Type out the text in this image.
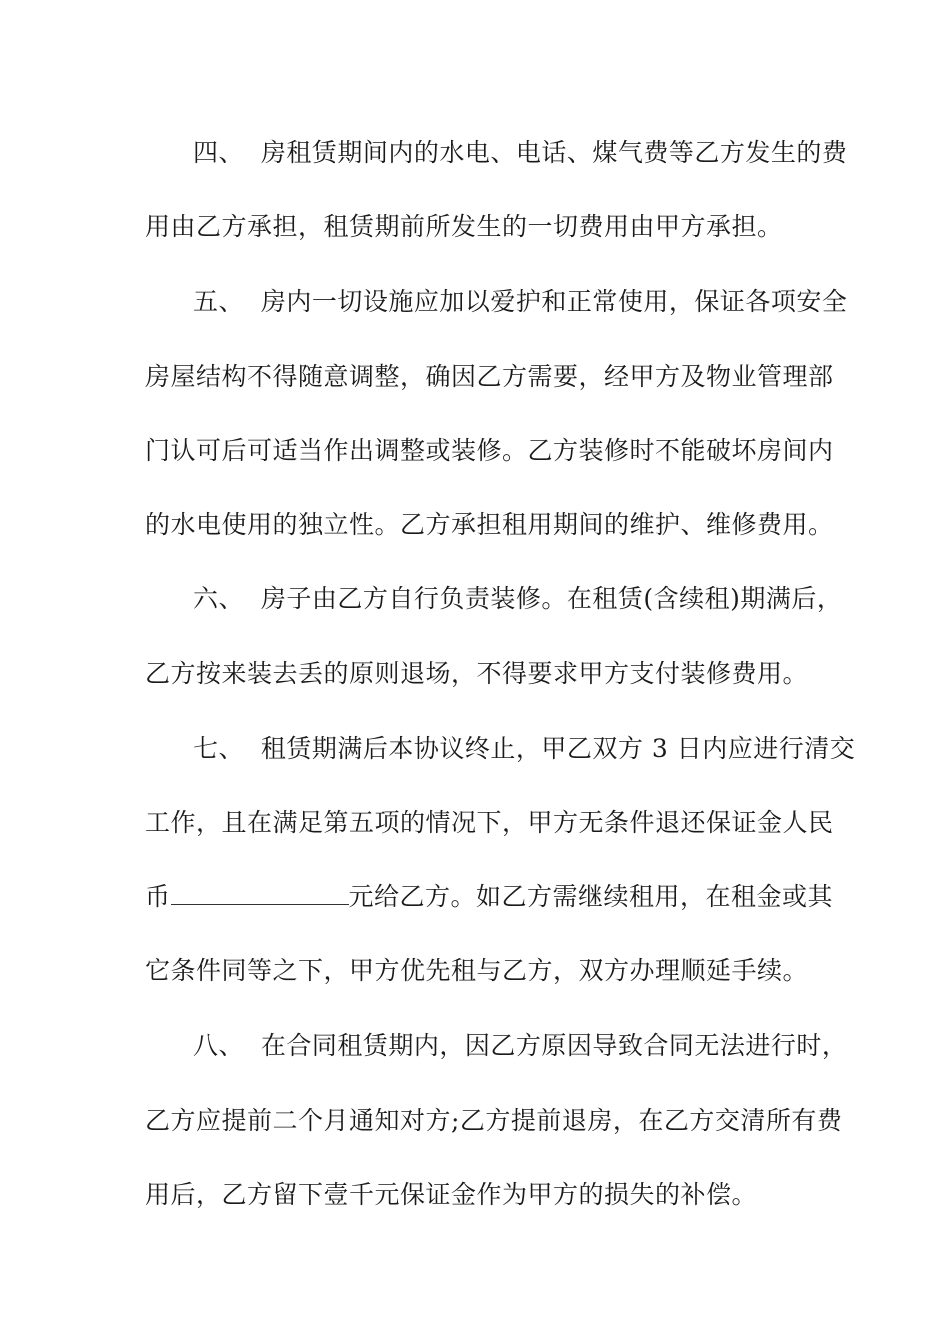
四、  房租赁期间内的水电、电话、煤气费等乙方发生的费
用由乙方承担，租赁期前所发生的一切费用由甲方承担。
五、  房内一切设施应加以爱护和正常使用，保证各项安全
房屋结构不得随意调整，确因乙方需要，经甲方及物业管理部
门认可后可适当作出调整或装修。乙方装修时不能破坏房间内
的水电使用的独立性。乙方承担租用期间的维护、维修费用。
六、  房子由乙方自行负责装修。在租赁(含续租)期满后，
乙方按来装去丢的原则退场，不得要求甲方支付装修费用。
七、  租赁期满后本协议终止，甲乙双方 3 日内应进行清交
工作，且在满足第五项的情况下，甲方无条件退还保证金人民
币	元给乙方。如乙方需继续租用，在租金或其
它条件同等之下，甲方优先租与乙方，双方办理顺延手续。
八、  在合同租赁期内，因乙方原因导致合同无法进行时，
乙方应提前二个月通知对方;乙方提前退房，在乙方交清所有费
用后，乙方留下壹千元保证金作为甲方的损失的补偿。
